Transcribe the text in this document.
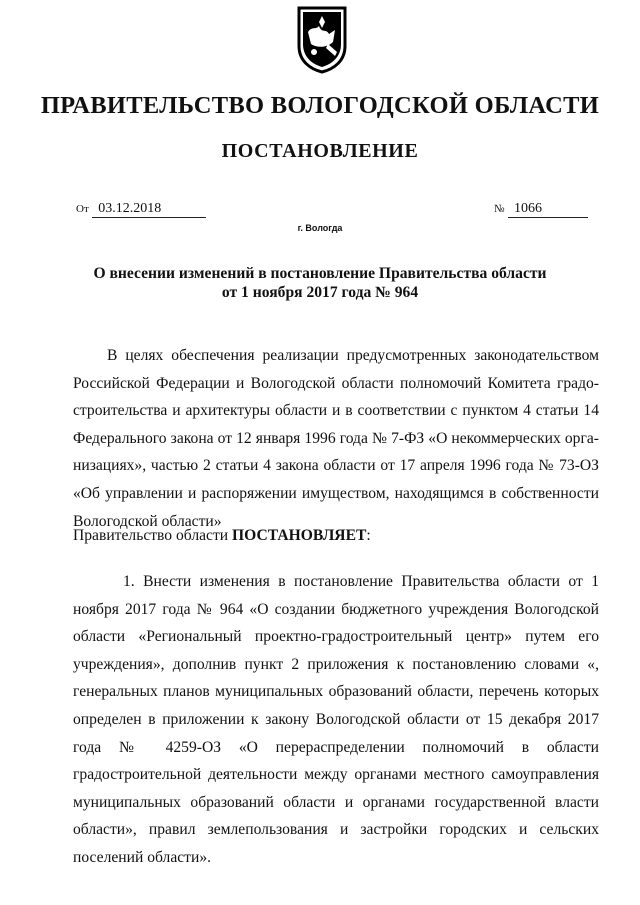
ПРАВИТЕЛЬСТВО ВОЛОГОДСКОЙ ОБЛАСТИ
ПОСТАНОВЛЕНИЕ
От 03.12.2018	№ 1066
г. Вологда
О внесении изменений в постановление Правительства области
от 1 ноября 2017 года № 964

В целях обеспечения реализации предусмотренных законодательством Российской Федерации и Вологодской области полномочий Комитета градо-строительства и архитектуры области и в соответствии с пунктом 4 статьи 14 Федерального закона от 12 января 1996 года № 7-ФЗ «О некоммерческих орга-низациях», частью 2 статьи 4 закона области от 17 апреля 1996 года № 73-ОЗ «Об управлении и распоряжении имуществом, находящимся в собственности Вологодской области»

Правительство области ПОСТАНОВЛЯЕТ:

1. Внести изменения в постановление Правительства области от 1 ноября 2017 года № 964 «О создании бюджетного учреждения Вологодской области «Региональный проектно-градостроительный центр» путем его учреждения», дополнив пункт 2 приложения к постановлению словами «, генеральных планов муниципальных образований области, перечень которых определен в приложении к закону Вологодской области от 15 декабря 2017 года № 4259-ОЗ «О перераспределении полномочий в области градостроительной деятельности между органами местного самоуправления муниципальных образований области и органами государственной власти области», правил землепользования и застройки городских и сельских поселений области».
